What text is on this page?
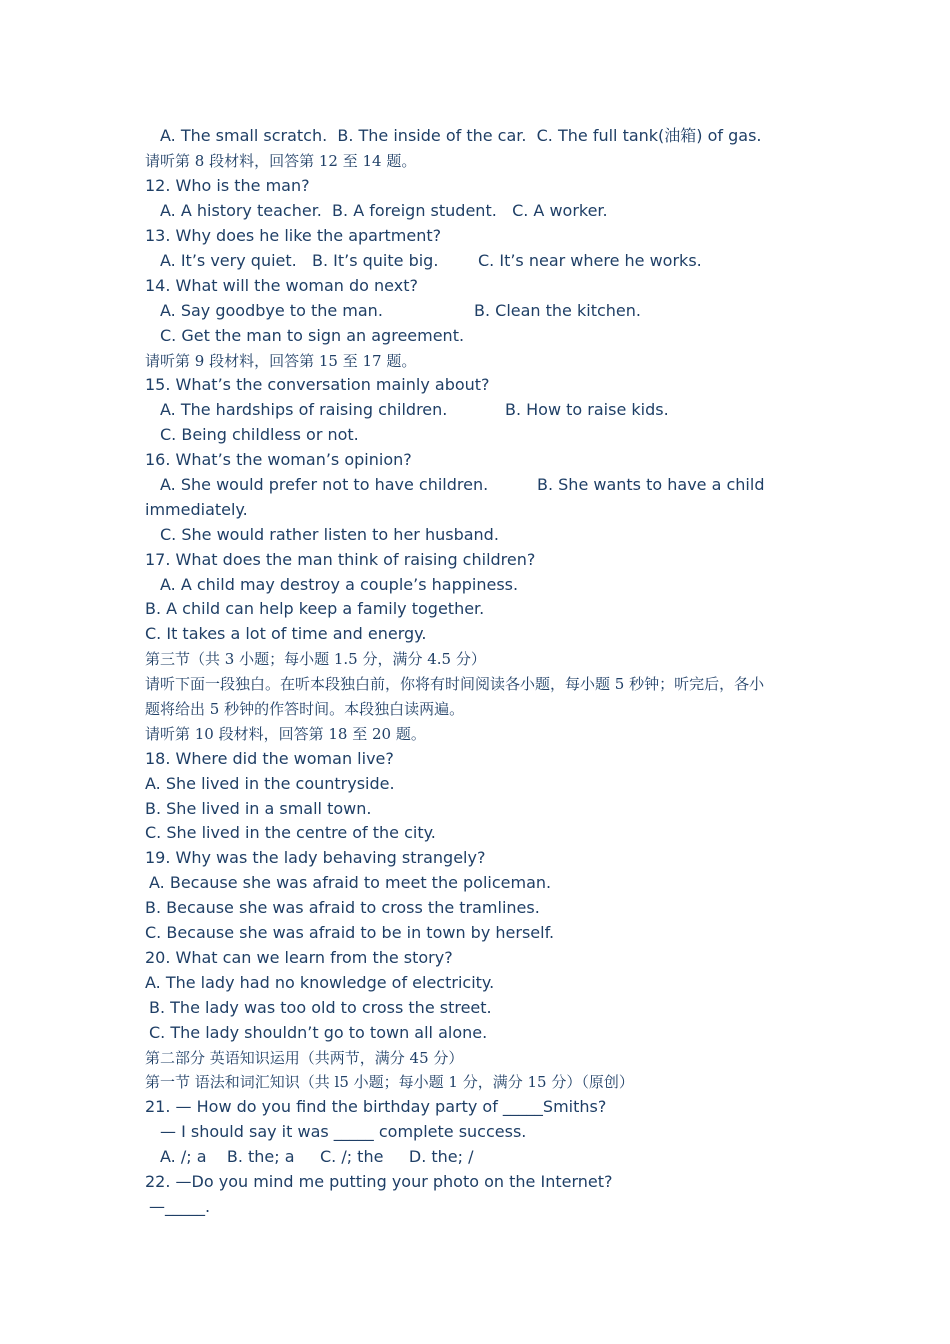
A. The small scratch.  B. The inside of the car.  C. The full tank(油箱) of gas.
请听第 8 段材料，回答第 12 至 14 题。
12. Who is the man?
A. A history teacher.  B. A foreign student.   C. A worker.
13. Why does he like the apartment?
A. It’s very quiet.   B. It’s quite big. C. It’s near where he works.
14. What will the woman do next?
A. Say goodbye to the man.	B. Clean the kitchen.
C. Get the man to sign an agreement.
请听第 9 段材料，回答第 15 至 17 题。
15. What’s the conversation mainly about?
A. The hardships of raising children.	B. How to raise kids.
C. Being childless or not.
16. What’s the woman’s opinion?
A. She would prefer not to have children.	B. She wants to have a child
immediately.
C. She would rather listen to her husband.
17. What does the man think of raising children?
A. A child may destroy a couple’s happiness.
B. A child can help keep a family together.
C. It takes a lot of time and energy.
第三节（共 3 小题；每小题 1.5 分，满分 4.5 分）
请听下面一段独白。在听本段独白前，你将有时间阅读各小题，每小题 5 秒钟；听完后，各小
题将给出 5 秒钟的作答时间。本段独白读两遍。
请听第 10 段材料，回答第 18 至 20 题。
18. Where did the woman live?
A. She lived in the countryside.
B. She lived in a small town.
C. She lived in the centre of the city.
19. Why was the lady behaving strangely?
A. Because she was afraid to meet the policeman.
B. Because she was afraid to cross the tramlines.
C. Because she was afraid to be in town by herself.
20. What can we learn from the story?
A. The lady had no knowledge of electricity.
B. The lady was too old to cross the street.
C. The lady shouldn’t go to town all alone.
第二部分 英语知识运用（共两节，满分 45 分）
第一节 语法和词汇知识（共 l5 小题；每小题 1 分，满分 15 分）（原创）
21. — How do you find the birthday party of _____Smiths?
— I should say it was _____ complete success.
A. /; a    B. the; a     C. /; the     D. the; /
22. —Do you mind me putting your photo on the Internet?
—_____.
